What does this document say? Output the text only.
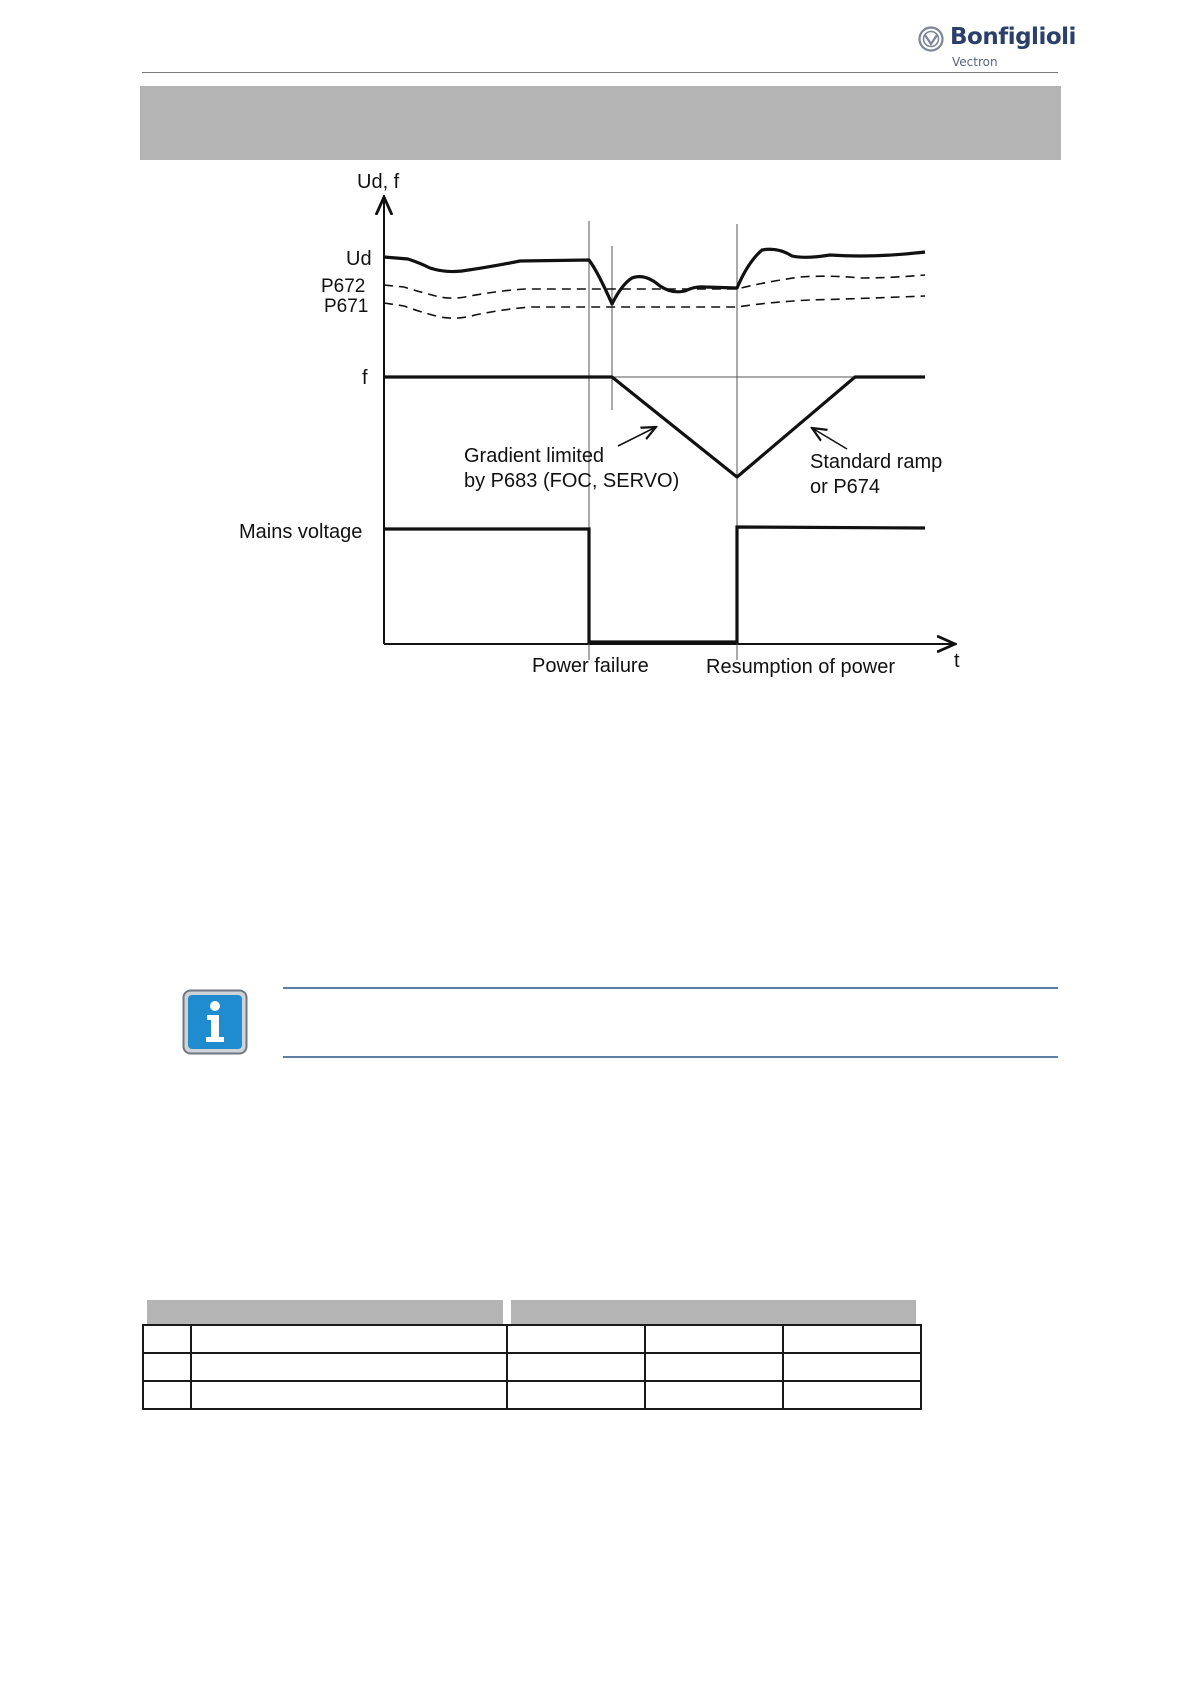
Bonfiglioli
Vectron
Ud, f
t
Ud
P672
P671
f
Mains voltage
Power failure	Resumption of power
Gradient limited
by P683 (FOC, SERVO)
Standard ramp
or P674
